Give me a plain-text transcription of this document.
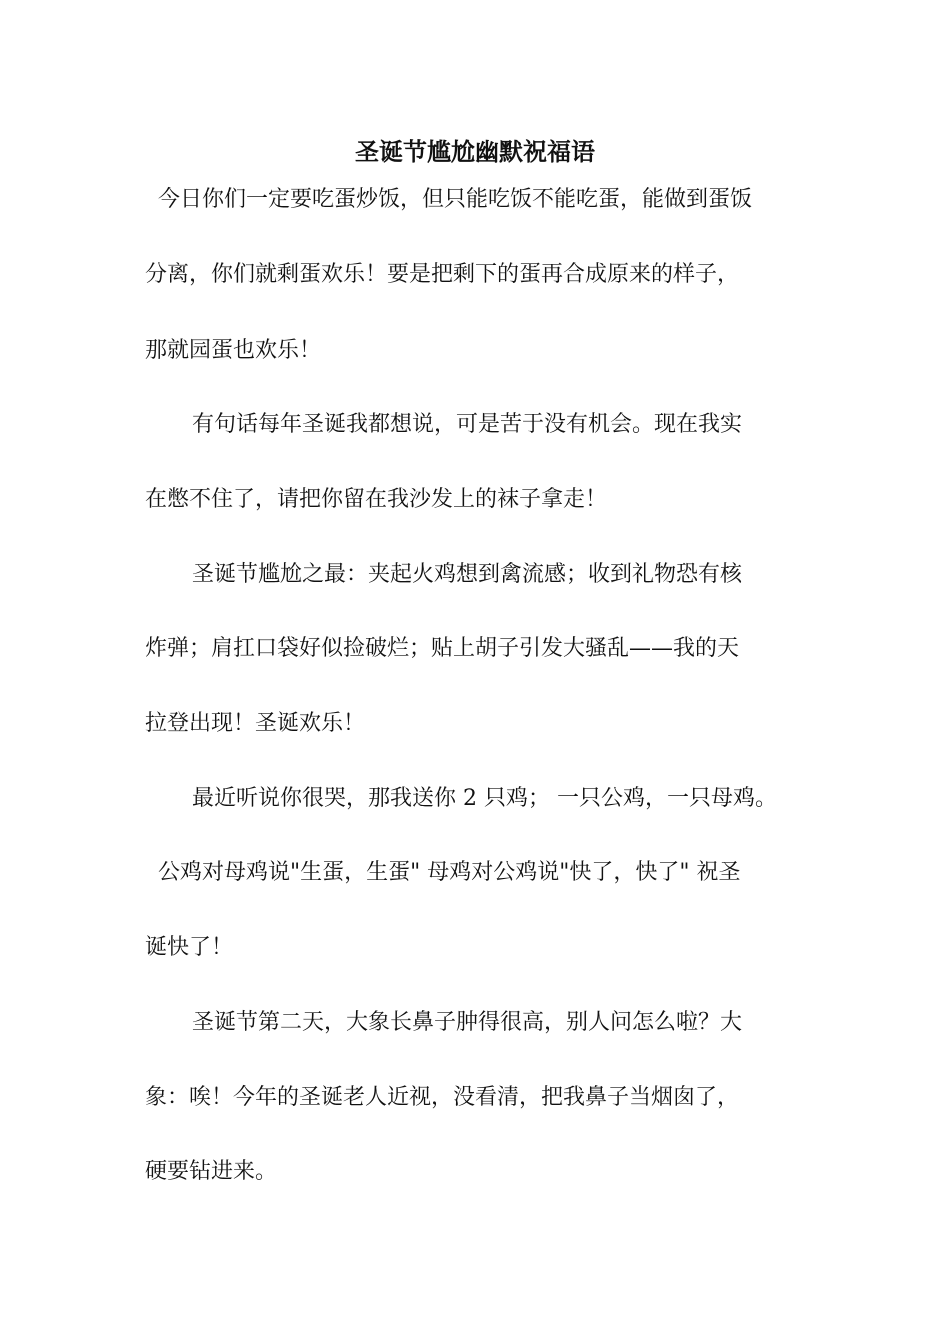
圣诞节尴尬幽默祝福语

今日你们一定要吃蛋炒饭，但只能吃饭不能吃蛋，能做到蛋饭

分离，你们就剩蛋欢乐！要是把剩下的蛋再合成原来的样子，

那就园蛋也欢乐！

有句话每年圣诞我都想说，可是苦于没有机会。现在我实

在憋不住了，请把你留在我沙发上的袜子拿走！

圣诞节尴尬之最：夹起火鸡想到禽流感；收到礼物恐有核

炸弹；肩扛口袋好似捡破烂；贴上胡子引发大骚乱——我的天

拉登出现！圣诞欢乐！

最近听说你很哭，那我送你 2 只鸡； 一只公鸡，一只母鸡。

公鸡对母鸡说"生蛋，生蛋" 母鸡对公鸡说"快了，快了" 祝圣

诞快了！

圣诞节第二天，大象长鼻子肿得很高，别人问怎么啦？大

象：唉！今年的圣诞老人近视，没看清，把我鼻子当烟囱了，

硬要钻进来。
